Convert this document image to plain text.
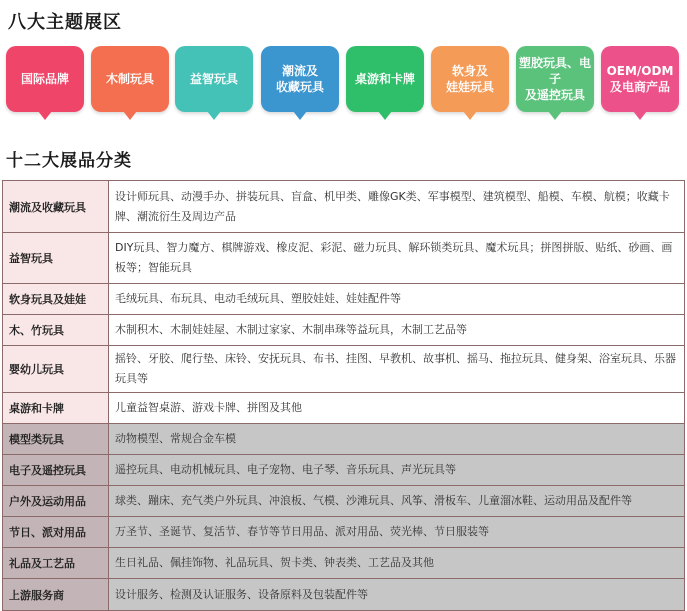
八大主题展区
国际品牌	木制玩具	益智玩具
潮流及
收藏玩具
桌游和卡牌
软身及
娃娃玩具
塑胶玩具、电子
及遥控玩具
OEM/ODM
及电商产品
十二大展品分类
潮流及收藏玩具	设计师玩具、动漫手办、拼装玩具、盲盒、机甲类、雕像GK类、军事模型、建筑模型、船模、车模、航模；收藏卡牌、潮流衍生及周边产品
益智玩具	DIY玩具、智力魔方、棋牌游戏、橡皮泥、彩泥、磁力玩具、解环锁类玩具、魔术玩具；拼图拼版、贴纸、砂画、画板等；智能玩具
软身玩具及娃娃	毛绒玩具、布玩具、电动毛绒玩具、塑胶娃娃、娃娃配件等
木、竹玩具	木制积木、木制娃娃屋、木制过家家、木制串珠等益玩具，木制工艺品等
婴幼儿玩具	摇铃、牙胶、爬行垫、床铃、安抚玩具、布书、挂图、早教机、故事机、摇马、拖拉玩具、健身架、浴室玩具、乐器玩具等
桌游和卡牌	儿童益智桌游、游戏卡牌、拼图及其他
模型类玩具	动物模型、常规合金车模
电子及遥控玩具	遥控玩具、电动机械玩具、电子宠物、电子琴、音乐玩具、声光玩具等
户外及运动用品	球类、蹦床、充气类户外玩具、冲浪板、气模、沙滩玩具、风筝、滑板车、儿童溜冰鞋、运动用品及配件等
节日、派对用品	万圣节、圣诞节、复活节、春节等节日用品、派对用品、荧光棒、节日服装等
礼品及工艺品	生日礼品、佩挂饰物、礼品玩具、贺卡类、钟表类、工艺品及其他
上游服务商	设计服务、检测及认证服务、设备原料及包装配件等
